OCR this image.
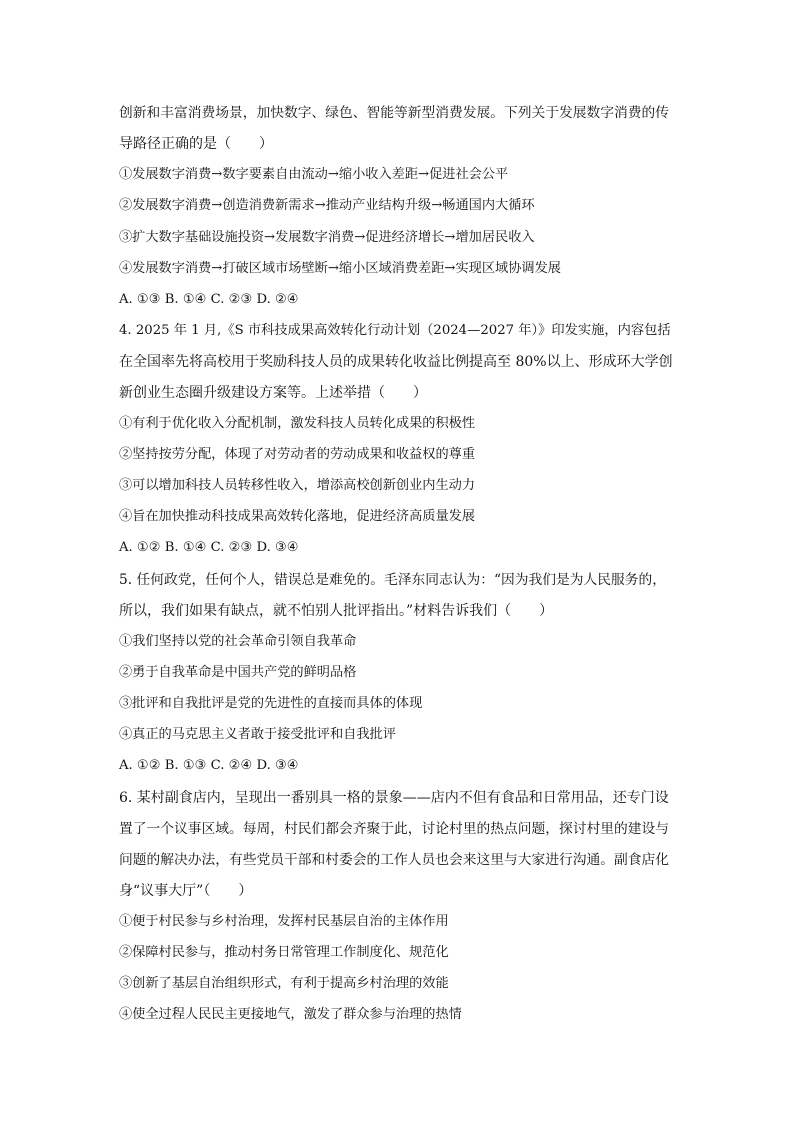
创新和丰富消费场景，加快数字、绿色、智能等新型消费发展。下列关于发展数字消费的传
导路径正确的是（　　）
①发展数字消费→数字要素自由流动→缩小收入差距→促进社会公平
②发展数字消费→创造消费新需求→推动产业结构升级→畅通国内大循环
③扩大数字基础设施投资→发展数字消费→促进经济增长→增加居民收入
④发展数字消费→打破区域市场壁断→缩小区域消费差距→实现区域协调发展
A. ①③ B. ①④ C. ②③ D. ②④
4. 2025 年 1 月,《S 市科技成果高效转化行动计划（2024—2027 年）》印发实施，内容包括
在全国率先将高校用于奖励科技人员的成果转化收益比例提高至 80%以上、形成环大学创
新创业生态圈升级建设方案等。上述举措（　　）
①有利于优化收入分配机制，激发科技人员转化成果的积极性
②坚持按劳分配，体现了对劳动者的劳动成果和收益权的尊重
③可以增加科技人员转移性收入，增添高校创新创业内生动力
④旨在加快推动科技成果高效转化落地，促进经济高质量发展
A. ①② B. ①④ C. ②③ D. ③④
5. 任何政党，任何个人，错误总是难免的。毛泽东同志认为：“因为我们是为人民服务的，
所以，我们如果有缺点，就不怕别人批评指出。”材料告诉我们（　　）
①我们坚持以党的社会革命引领自我革命
②勇于自我革命是中国共产党的鲜明品格
③批评和自我批评是党的先进性的直接而具体的体现
④真正的马克思主义者敢于接受批评和自我批评
A. ①② B. ①③ C. ②④ D. ③④
6. 某村副食店内，呈现出一番别具一格的景象——店内不但有食品和日常用品，还专门设
置了一个议事区域。每周，村民们都会齐聚于此，讨论村里的热点问题，探讨村里的建设与
问题的解决办法，有些党员干部和村委会的工作人员也会来这里与大家进行沟通。副食店化
身“议事大厅”（　　）
①便于村民参与乡村治理，发挥村民基层自治的主体作用
②保障村民参与，推动村务日常管理工作制度化、规范化
③创新了基层自治组织形式，有利于提高乡村治理的效能
④使全过程人民民主更接地气，激发了群众参与治理的热情
